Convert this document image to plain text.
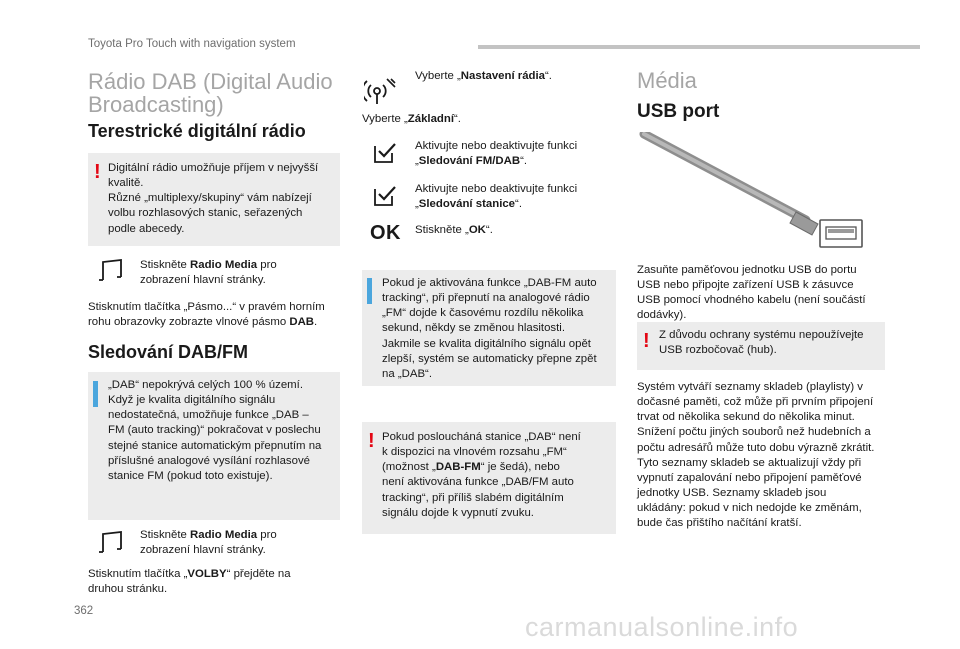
Toyota Pro Touch with navigation system
Rádio DAB (Digital Audio
Broadcasting)
Terestrické digitální rádio
! Digitální rádio umožňuje příjem v nejvyšší
kvalitě.
Různé „multiplexy/skupiny“ vám nabízejí
volbu rozhlasových stanic, seřazených
podle abecedy.
Stiskněte Radio Media pro
zobrazení hlavní stránky.
Stisknutím tlačítka „Pásmo...“ v pravém horním
rohu obrazovky zobrazte vlnové pásmo DAB.
Sledování DAB/FM
„DAB“ nepokrývá celých 100 % území.
Když je kvalita digitálního signálu
nedostatečná, umožňuje funkce „DAB –
FM (auto tracking)“ pokračovat v poslechu
stejné stanice automatickým přepnutím na
příslušné analogové vysílání rozhlasové
stanice FM (pokud toto existuje).
Stiskněte Radio Media pro
zobrazení hlavní stránky.
Stisknutím tlačítka „VOLBY“ přejděte na
druhou stránku.
Vyberte „Nastavení rádia“.
Vyberte „Základní“.
Aktivujte nebo deaktivujte funkci
„Sledování FM/DAB“.
Aktivujte nebo deaktivujte funkci
„Sledování stanice“.
OK Stiskněte „OK“.
Pokud je aktivována funkce „DAB-FM auto
tracking“, při přepnutí na analogové rádio
„FM“ dojde k časovému rozdílu několika
sekund, někdy se změnou hlasitosti.
Jakmile se kvalita digitálního signálu opět
zlepší, systém se automaticky přepne zpět
na „DAB“.
! Pokud posloucháná stanice „DAB“ není
k dispozici na vlnovém rozsahu „FM“
(možnost „DAB-FM“ je šedá), nebo
není aktivována funkce „DAB/FM auto
tracking“, při příliš slabém digitálním
signálu dojde k vypnutí zvuku.
Média
USB port
Zasuňte paměťovou jednotku USB do portu
USB nebo připojte zařízení USB k zásuvce
USB pomocí vhodného kabelu (není součástí
dodávky).
! Z důvodu ochrany systému nepoužívejte
USB rozbočovač (hub).
Systém vytváří seznamy skladeb (playlisty) v
dočasné paměti, což může při prvním připojení
trvat od několika sekund do několika minut.
Snížení počtu jiných souborů než hudebních a
počtu adresářů může tuto dobu výrazně zkrátit.
Tyto seznamy skladeb se aktualizují vždy při
vypnutí zapalování nebo připojení paměťové
jednotky USB. Seznamy skladeb jsou
ukládány: pokud v nich nedojde ke změnám,
bude čas přištího načítání kratší.
362
carmanualsonline.info
